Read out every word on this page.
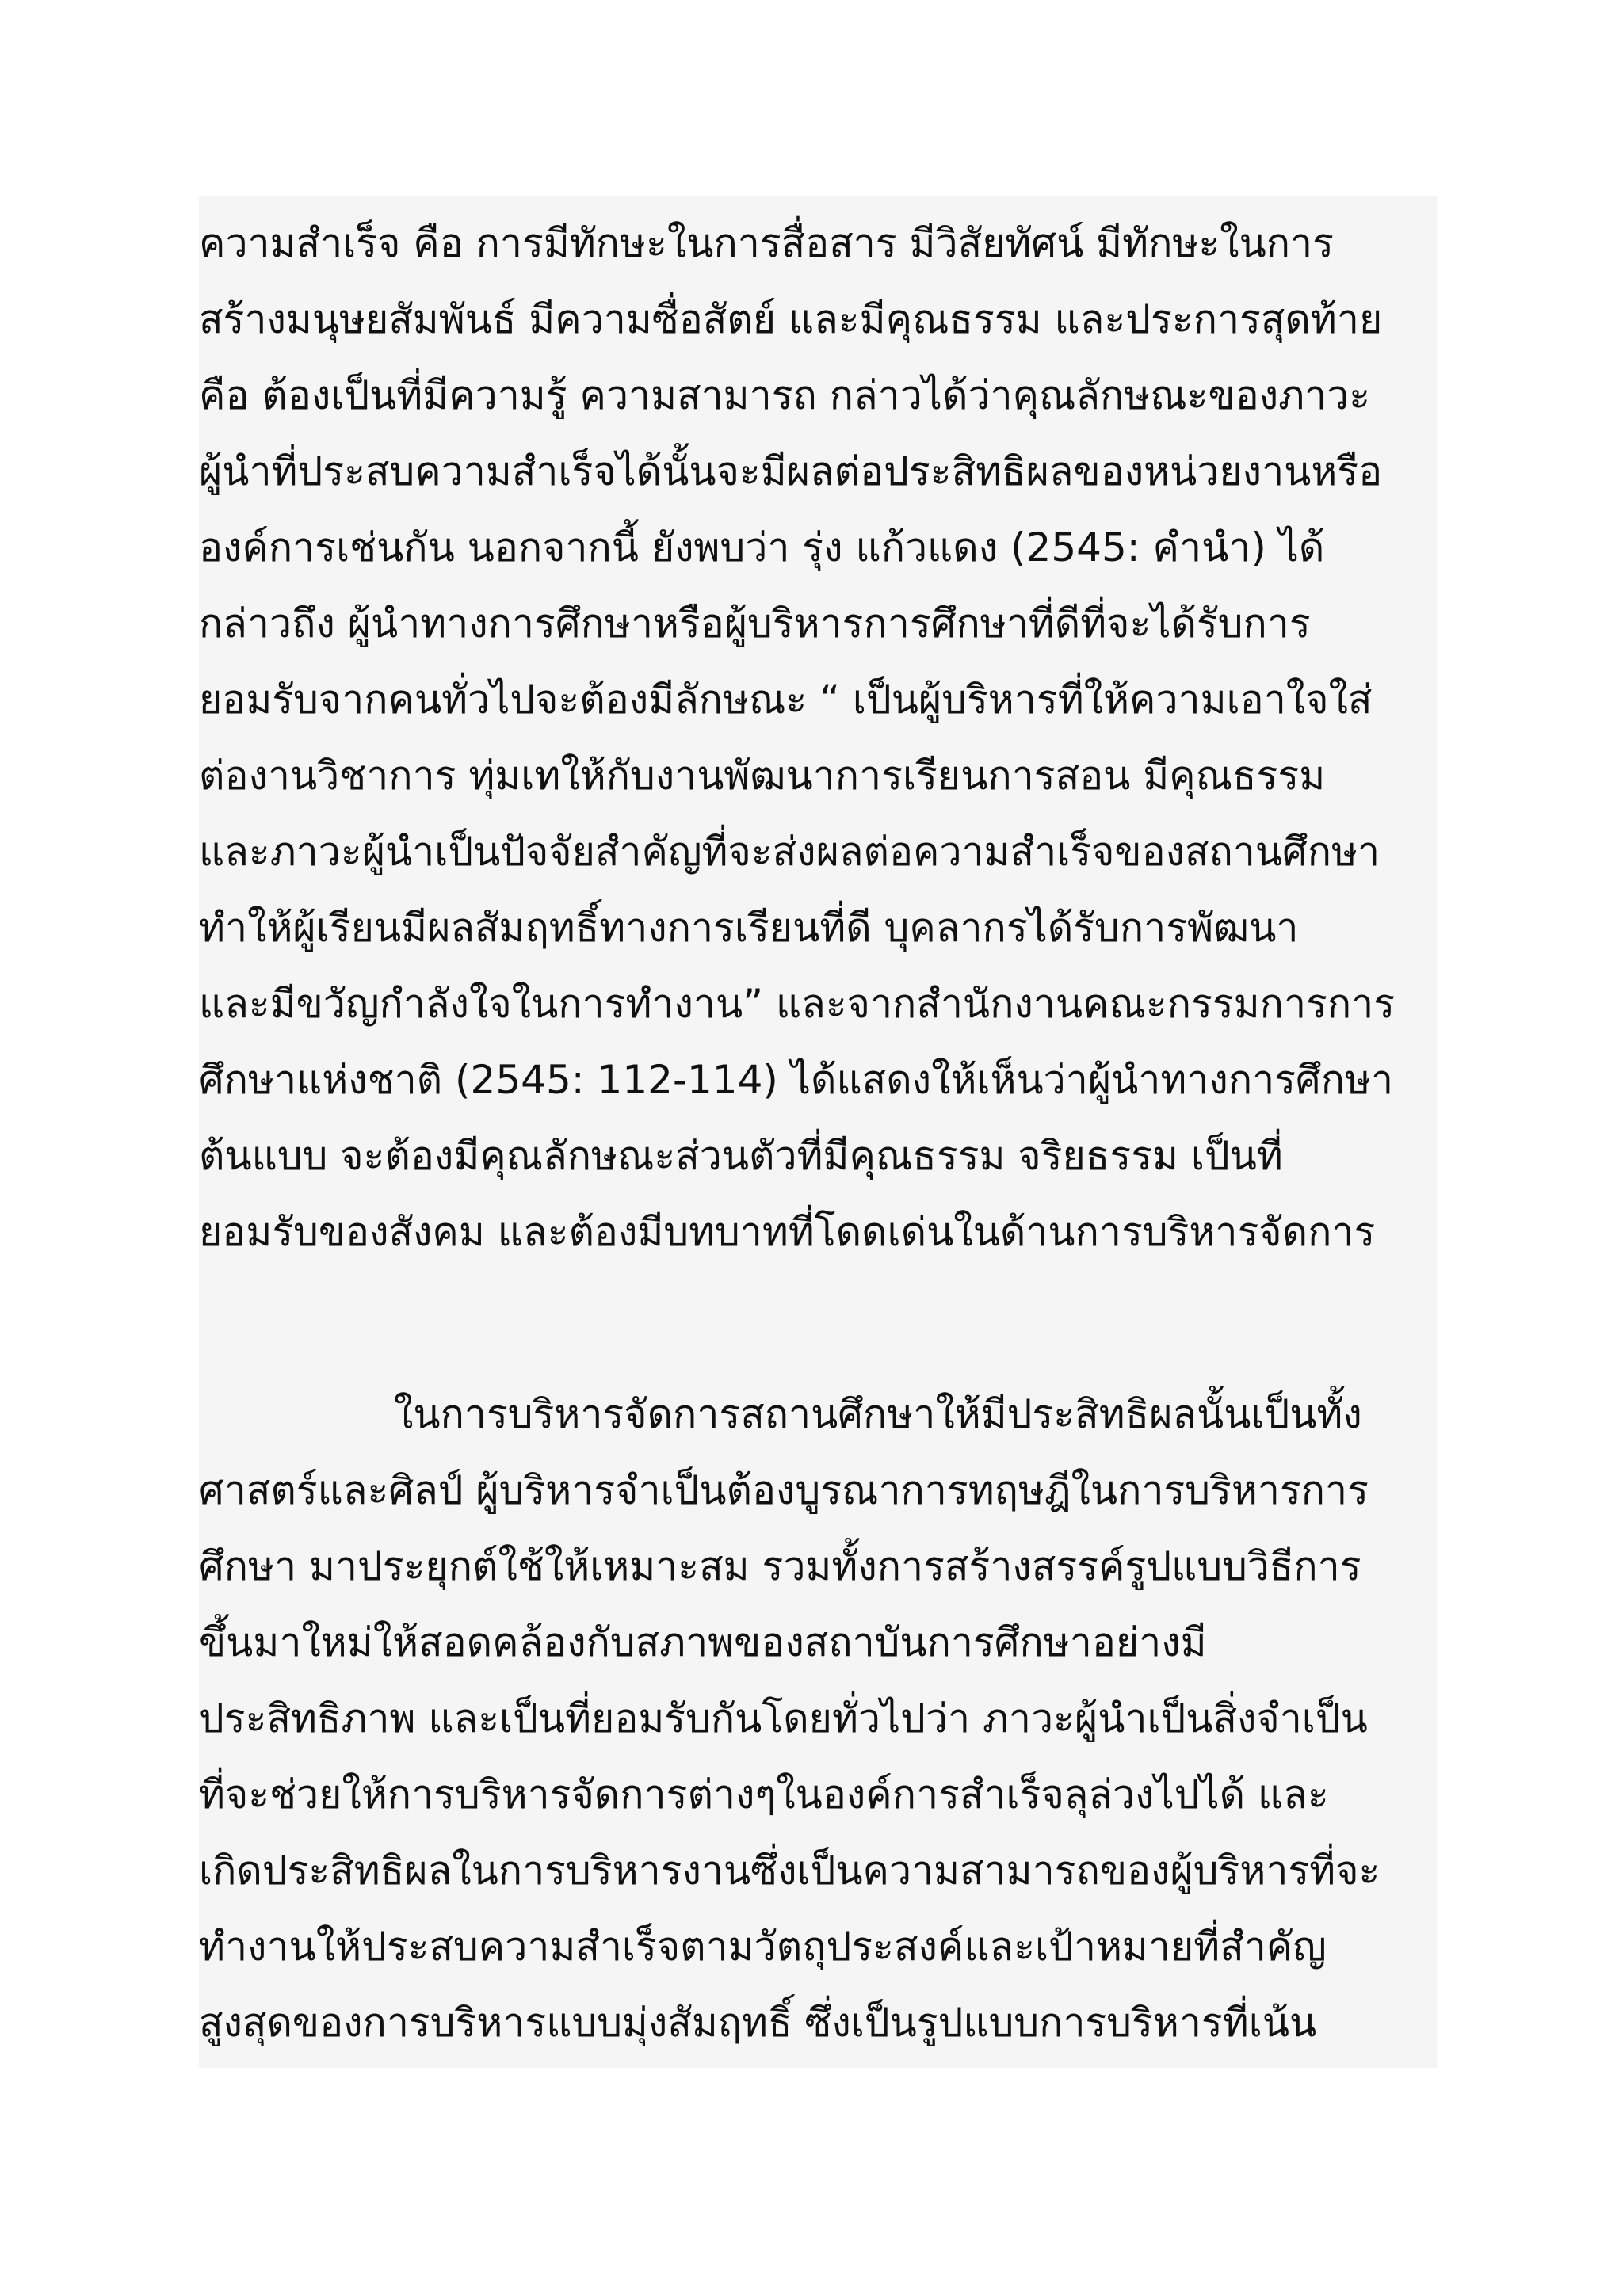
ความสำเร็จ คือ การมีทักษะในการสื่อสาร มีวิสัยทัศน์ มีทักษะในการ
สร้างมนุษยสัมพันธ์ มีความซื่อสัตย์ และมีคุณธรรม และประการสุดท้าย
คือ ต้องเป็นที่มีความรู้ ความสามารถ กล่าวได้ว่าคุณลักษณะของภาวะ
ผู้นำที่ประสบความสำเร็จได้นั้นจะมีผลต่อประสิทธิผลของหน่วยงานหรือ
องค์การเช่นกัน นอกจากนี้ ยังพบว่า รุ่ง แก้วแดง (2545: คำนำ) ได้
กล่าวถึง ผู้นำทางการศึกษาหรือผู้บริหารการศึกษาที่ดีที่จะได้รับการ
ยอมรับจากคนทั่วไปจะต้องมีลักษณะ “ เป็นผู้บริหารที่ให้ความเอาใจใส่
ต่องานวิชาการ ทุ่มเทให้กับงานพัฒนาการเรียนการสอน มีคุณธรรม
และภาวะผู้นำเป็นปัจจัยสำคัญที่จะส่งผลต่อความสำเร็จของสถานศึกษา
ทำให้ผู้เรียนมีผลสัมฤทธิ์ทางการเรียนที่ดี บุคลากรได้รับการพัฒนา
และมีขวัญกำลังใจในการทำงาน” และจากสำนักงานคณะกรรมการการ
ศึกษาแห่งชาติ (2545: 112-114) ได้แสดงให้เห็นว่าผู้นำทางการศึกษา
ต้นแบบ จะต้องมีคุณลักษณะส่วนตัวที่มีคุณธรรม จริยธรรม เป็นที่
ยอมรับของสังคม และต้องมีบทบาทที่โดดเด่นในด้านการบริหารจัดการ
ในการบริหารจัดการสถานศึกษาให้มีประสิทธิผลนั้นเป็นทั้ง
ศาสตร์และศิลป์ ผู้บริหารจำเป็นต้องบูรณาการทฤษฎีในการบริหารการ
ศึกษา มาประยุกต์ใช้ให้เหมาะสม รวมทั้งการสร้างสรรค์รูปแบบวิธีการ
ขึ้นมาใหม่ให้สอดคล้องกับสภาพของสถาบันการศึกษาอย่างมี
ประสิทธิภาพ และเป็นที่ยอมรับกันโดยทั่วไปว่า ภาวะผู้นำเป็นสิ่งจำเป็น
ที่จะช่วยให้การบริหารจัดการต่างๆในองค์การสำเร็จลุล่วงไปได้ และ
เกิดประสิทธิผลในการบริหารงานซึ่งเป็นความสามารถของผู้บริหารที่จะ
ทำงานให้ประสบความสำเร็จตามวัตถุประสงค์และเป้าหมายที่สำคัญ
สูงสุดของการบริหารแบบมุ่งสัมฤทธิ์ ซึ่งเป็นรูปแบบการบริหารที่เน้น
